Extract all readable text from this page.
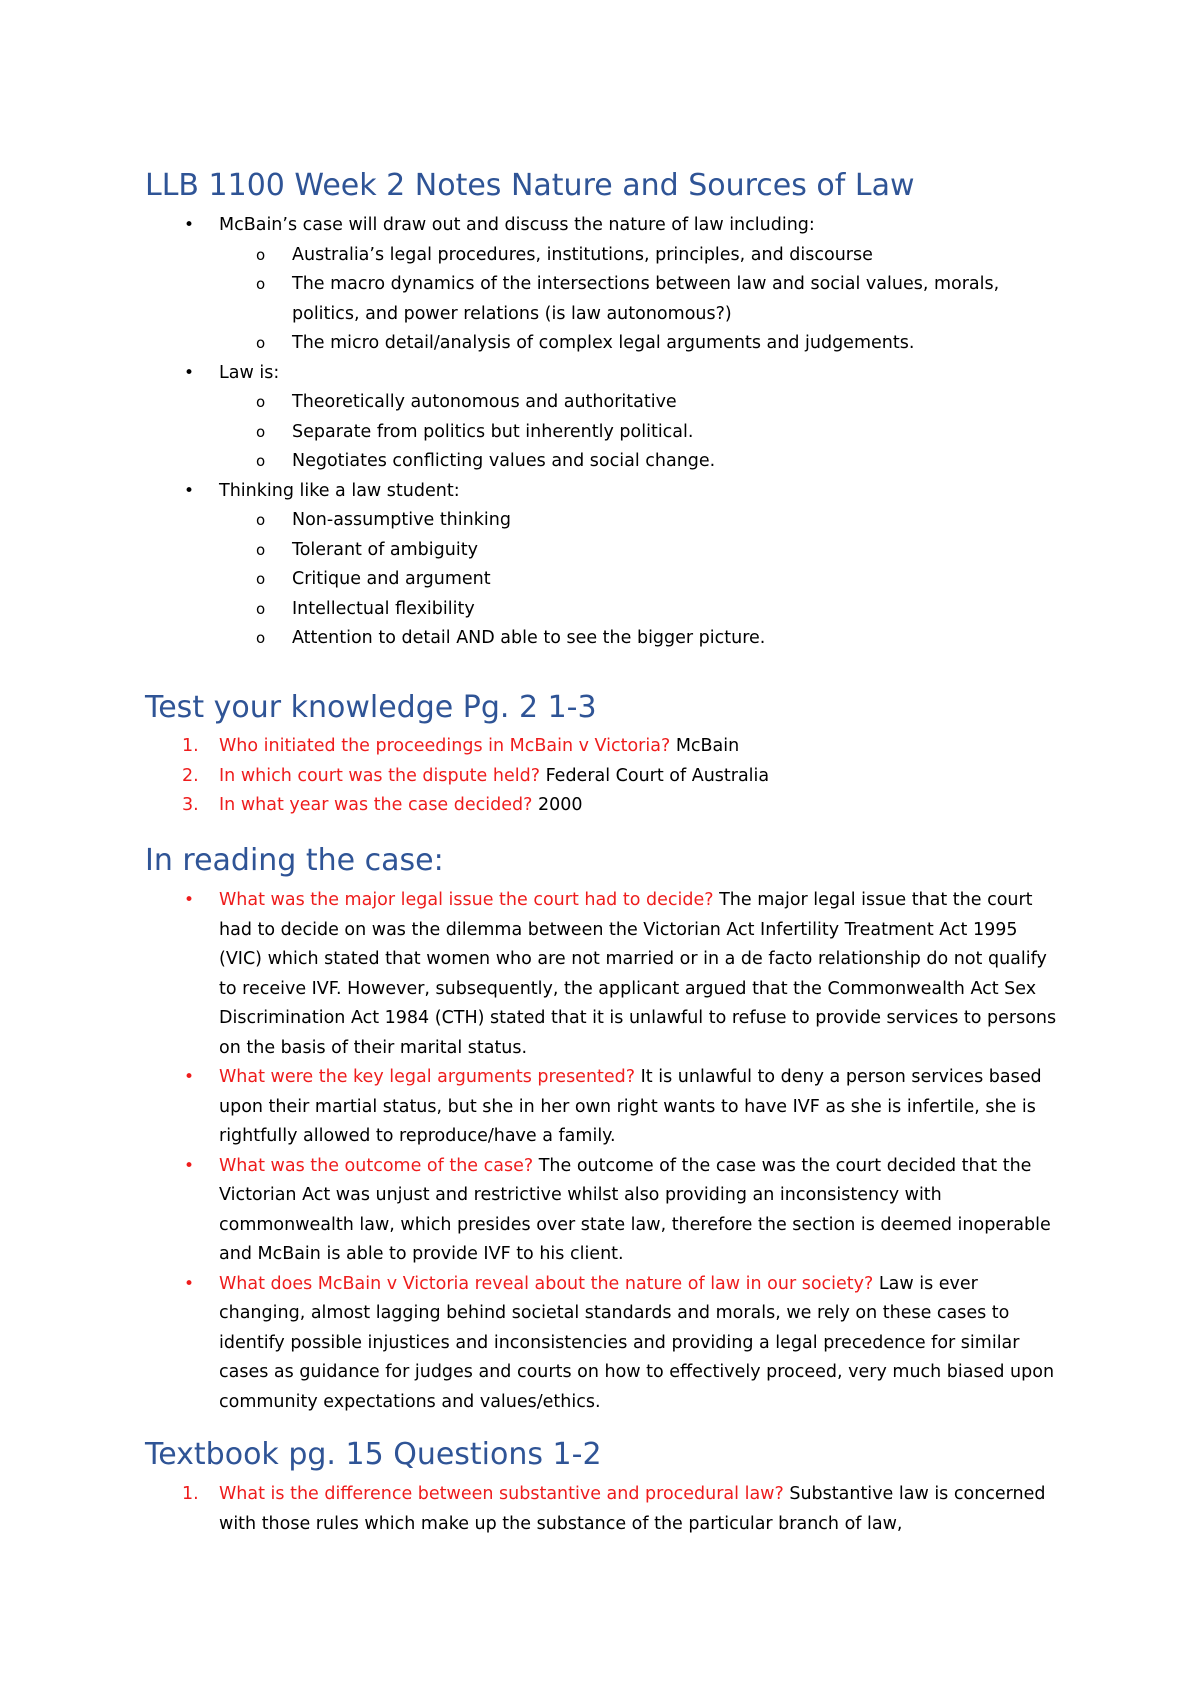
LLB 1100 Week 2 Notes Nature and Sources of Law
• McBain’s case will draw out and discuss the nature of law including:
o Australia’s legal procedures, institutions, principles, and discourse
o The macro dynamics of the intersections between law and social values, morals, politics, and power relations (is law autonomous?)
o The micro detail/analysis of complex legal arguments and judgements.
• Law is:
o Theoretically autonomous and authoritative
o Separate from politics but inherently political.
o Negotiates conflicting values and social change.
• Thinking like a law student:
o Non-assumptive thinking
o Tolerant of ambiguity
o Critique and argument
o Intellectual flexibility
o Attention to detail AND able to see the bigger picture.
Test your knowledge Pg. 2 1-3
1. Who initiated the proceedings in McBain v Victoria? McBain
2. In which court was the dispute held? Federal Court of Australia
3. In what year was the case decided? 2000
In reading the case:
• What was the major legal issue the court had to decide? The major legal issue that the court had to decide on was the dilemma between the Victorian Act Infertility Treatment Act 1995 (VIC) which stated that women who are not married or in a de facto relationship do not qualify to receive IVF. However, subsequently, the applicant argued that the Commonwealth Act Sex Discrimination Act 1984 (CTH) stated that it is unlawful to refuse to provide services to persons on the basis of their marital status.
• What were the key legal arguments presented? It is unlawful to deny a person services based upon their martial status, but she in her own right wants to have IVF as she is infertile, she is rightfully allowed to reproduce/have a family.
• What was the outcome of the case? The outcome of the case was the court decided that the Victorian Act was unjust and restrictive whilst also providing an inconsistency with commonwealth law, which presides over state law, therefore the section is deemed inoperable and McBain is able to provide IVF to his client.
• What does McBain v Victoria reveal about the nature of law in our society? Law is ever changing, almost lagging behind societal standards and morals, we rely on these cases to identify possible injustices and inconsistencies and providing a legal precedence for similar cases as guidance for judges and courts on how to effectively proceed, very much biased upon community expectations and values/ethics.
Textbook pg. 15 Questions 1-2
1. What is the difference between substantive and procedural law? Substantive law is concerned with those rules which make up the substance of the particular branch of law,
